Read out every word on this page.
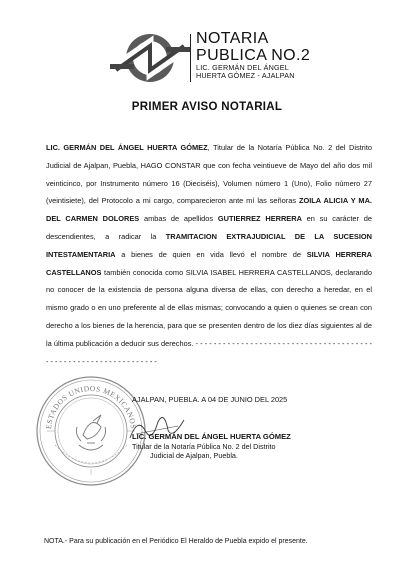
NOTARIA
PUBLICA NO.2
LIC. GERMÁN DEL ÁNGEL
HUERTA GÓMEZ - AJALPAN
PRIMER AVISO NOTARIAL
LIC. GERMÁN DEL ÁNGEL HUERTA GÓMEZ, Titular de la Notaría Pública No. 2 del Distrito Judicial de Ajalpan, Puebla, HAGO CONSTAR que con fecha veintiueve de Mayo del año dos mil veinticinco, por Instrumento número 16 (Dieciséis), Volumen número 1 (Uno), Folio número 27 (veintisiete), del Protocolo a mi cargo, comparecieron ante mí las señoras ZOILA ALICIA Y MA. DEL CARMEN DOLORES ambas de apellidos GUTIERREZ HERRERA en su carácter de descendientes, a radicar la TRAMITACION EXTRAJUDICIAL DE LA SUCESION INTESTAMENTARIA a bienes de quien en vida llevó el nombre de SILVIA HERRERA CASTELLANOS también conocida como SILVIA ISABEL HERRERA CASTELLANOS, declarando no conocer de la existencia de persona alguna diversa de ellas, con derecho a heredar, en el mismo grado o en uno preferente al de ellas mismas; convocando a quien o quienes se crean con derecho a los bienes de la herencia, para que se presenten dentro de los diez días siguientes al de la última publicación a deducir sus derechos. - - - - - - - - - - - - - - - - - - - - - - - - - - - - - - - - - - - - - - - - - - - - - - - - - - - - - - - - - - - - - - - -
ESTADOS UNIDOS MEXICANOS
AJALPAN, PUEBLA. A 04 DE JUNIO DEL 2025
LIC. GERMÁN DEL ÁNGEL HUERTA GÓMEZ
Titular de la Notaría Pública No. 2 del Distrito
Judicial de Ajalpan, Puebla.
NOTA.- Para su publicación en el Periódico El Heraldo de Puebla expido el presente.
